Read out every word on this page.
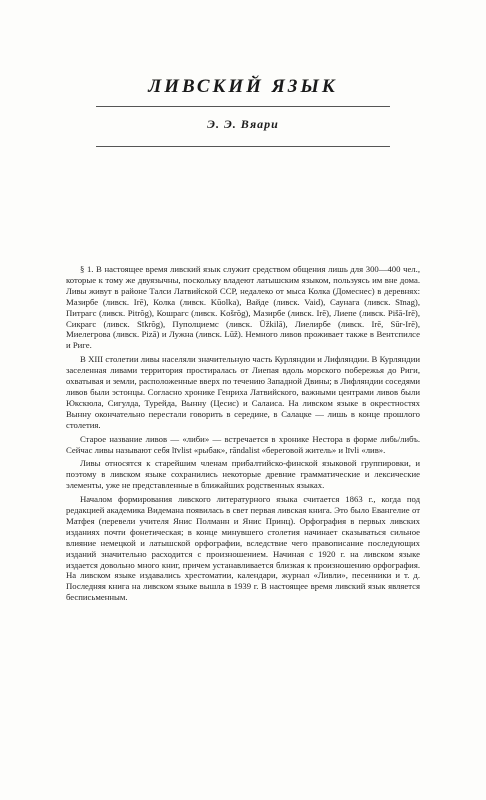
ЛИВСКИЙ ЯЗЫК
Э. Э. Вяари

§ 1. В настоящее время ливский язык служит средством общения лишь для 300—400 чел., которые к тому же двуязычны, поскольку владеют латышским языком, пользуясь им вне дома. Ливы живут в районе Талси Латвийской ССР, недалеко от мыса Колка (Домеснес) в деревнях: Мазирбе (ливск. Irē), Колка (ливск. Kūolka), Вайде (ливск. Vaid), Саунага (ливск. Sīnag), Питрагс (ливск. Pitrõg), Кошрагс (ливск. Košrõg), Мазирбе (ливск. Irē), Лиепе (ливск. Pišā-Irē), Сикрагс (ливск. Sīkrõg), Пуполциемс (ливск. Ūžkilā), Лиелирбе (ливск. Irē, Sūr-Irē), Миелегрова (ливск. Pizā) и Лужна (ливск. Lūž). Немного ливов проживает также в Вентспилсе и Риге.

В XIII столетии ливы населяли значительную часть Курляндии и Лифляндии. В Курляндии заселенная ливами территория простиралась от Лиепая вдоль морского побережья до Риги, охватывая и земли, расположенные вверх по течению Западной Двины; в Лифляндии соседями ливов были эстонцы. Согласно хронике Генриха Латвийского, важными центрами ливов были Юкскюла, Сигулда, Турейда, Вынну (Цесис) и Салаиса. На ливском языке в окрестностях Вынну окончательно перестали говорить в середине, в Салацке — лишь в конце прошлого столетия.

Старое название ливов — «либи» — встречается в хронике Нестора в форме либь/либъ. Сейчас ливы называют себя līvlist «рыбак», rāndalist «береговой житель» и līvli «лив».

Ливы относятся к старейшим членам прибалтийско-финской языковой группировки, и поэтому в ливском языке сохранились некоторые древние грамматические и лексические элементы, уже не представленные в ближайших родственных языках.

Началом формирования ливского литературного языка считается 1863 г., когда под редакцией академика Видемана появилась в свет первая ливская книга. Это было Евангелие от Матфея (перевели учителя Янис Полманн и Янис Принц). Орфография в первых ливских изданиях почти фонетическая; в конце минувшего столетия начинает сказываться сильное влияние немецкой и латышской орфографии, вследствие чего правописание последующих изданий значительно расходится с произношением. Начиная с 1920 г. на ливском языке издается довольно много книг, причем устанавливается близкая к произношению орфография. На ливском языке издавались хрестоматии, календари, журнал «Ливли», песенники и т. д. Последняя книга на ливском языке вышла в 1939 г. В настоящее время ливский язык является бесписьменным.
